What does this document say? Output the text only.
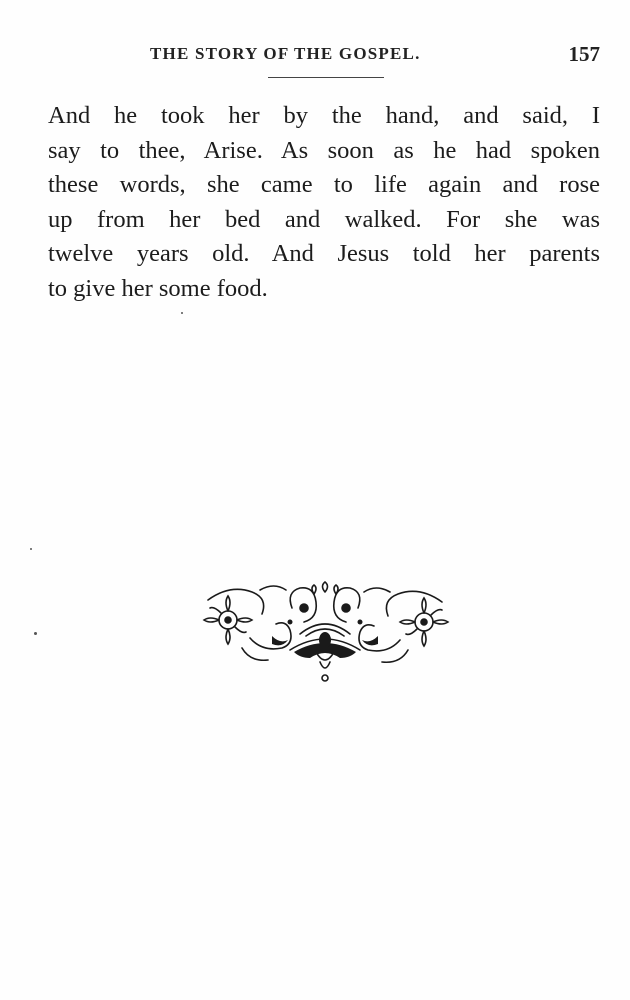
THE STORY OF THE GOSPEL.	157
And he took her by the hand, and said, I
say to thee, Arise. As soon as he had spoken
these words, she came to life again and rose
up from her bed and walked. For she was
twelve years old. And Jesus told her parents
to give her some food.
